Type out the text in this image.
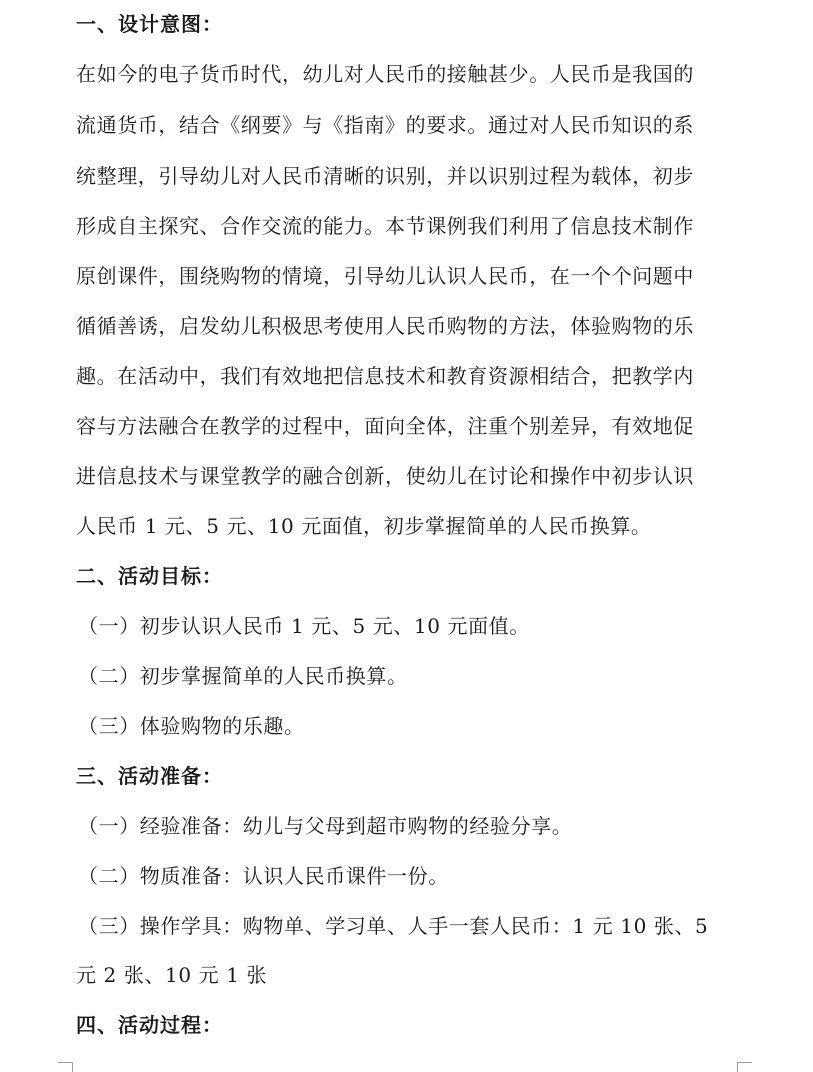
一、设计意图：
在如今的电子货币时代，幼儿对人民币的接触甚少。人民币是我国的
流通货币，结合《纲要》与《指南》的要求。通过对人民币知识的系
统整理，引导幼儿对人民币清晰的识别，并以识别过程为载体，初步
形成自主探究、合作交流的能力。本节课例我们利用了信息技术制作
原创课件，围绕购物的情境，引导幼儿认识人民币，在一个个问题中
循循善诱，启发幼儿积极思考使用人民币购物的方法，体验购物的乐
趣。在活动中，我们有效地把信息技术和教育资源相结合，把教学内
容与方法融合在教学的过程中，面向全体，注重个别差异，有效地促
进信息技术与课堂教学的融合创新，使幼儿在讨论和操作中初步认识
人民币 1 元、5 元、10 元面值，初步掌握简单的人民币换算。
二、活动目标：
（一）初步认识人民币 1 元、5 元、10 元面值。
（二）初步掌握简单的人民币换算。
（三）体验购物的乐趣。
三、活动准备：
（一）经验准备：幼儿与父母到超市购物的经验分享。
（二）物质准备：认识人民币课件一份。
（三）操作学具：购物单、学习单、人手一套人民币：1 元 10 张、5
元 2 张、10 元 1 张
四、活动过程：
